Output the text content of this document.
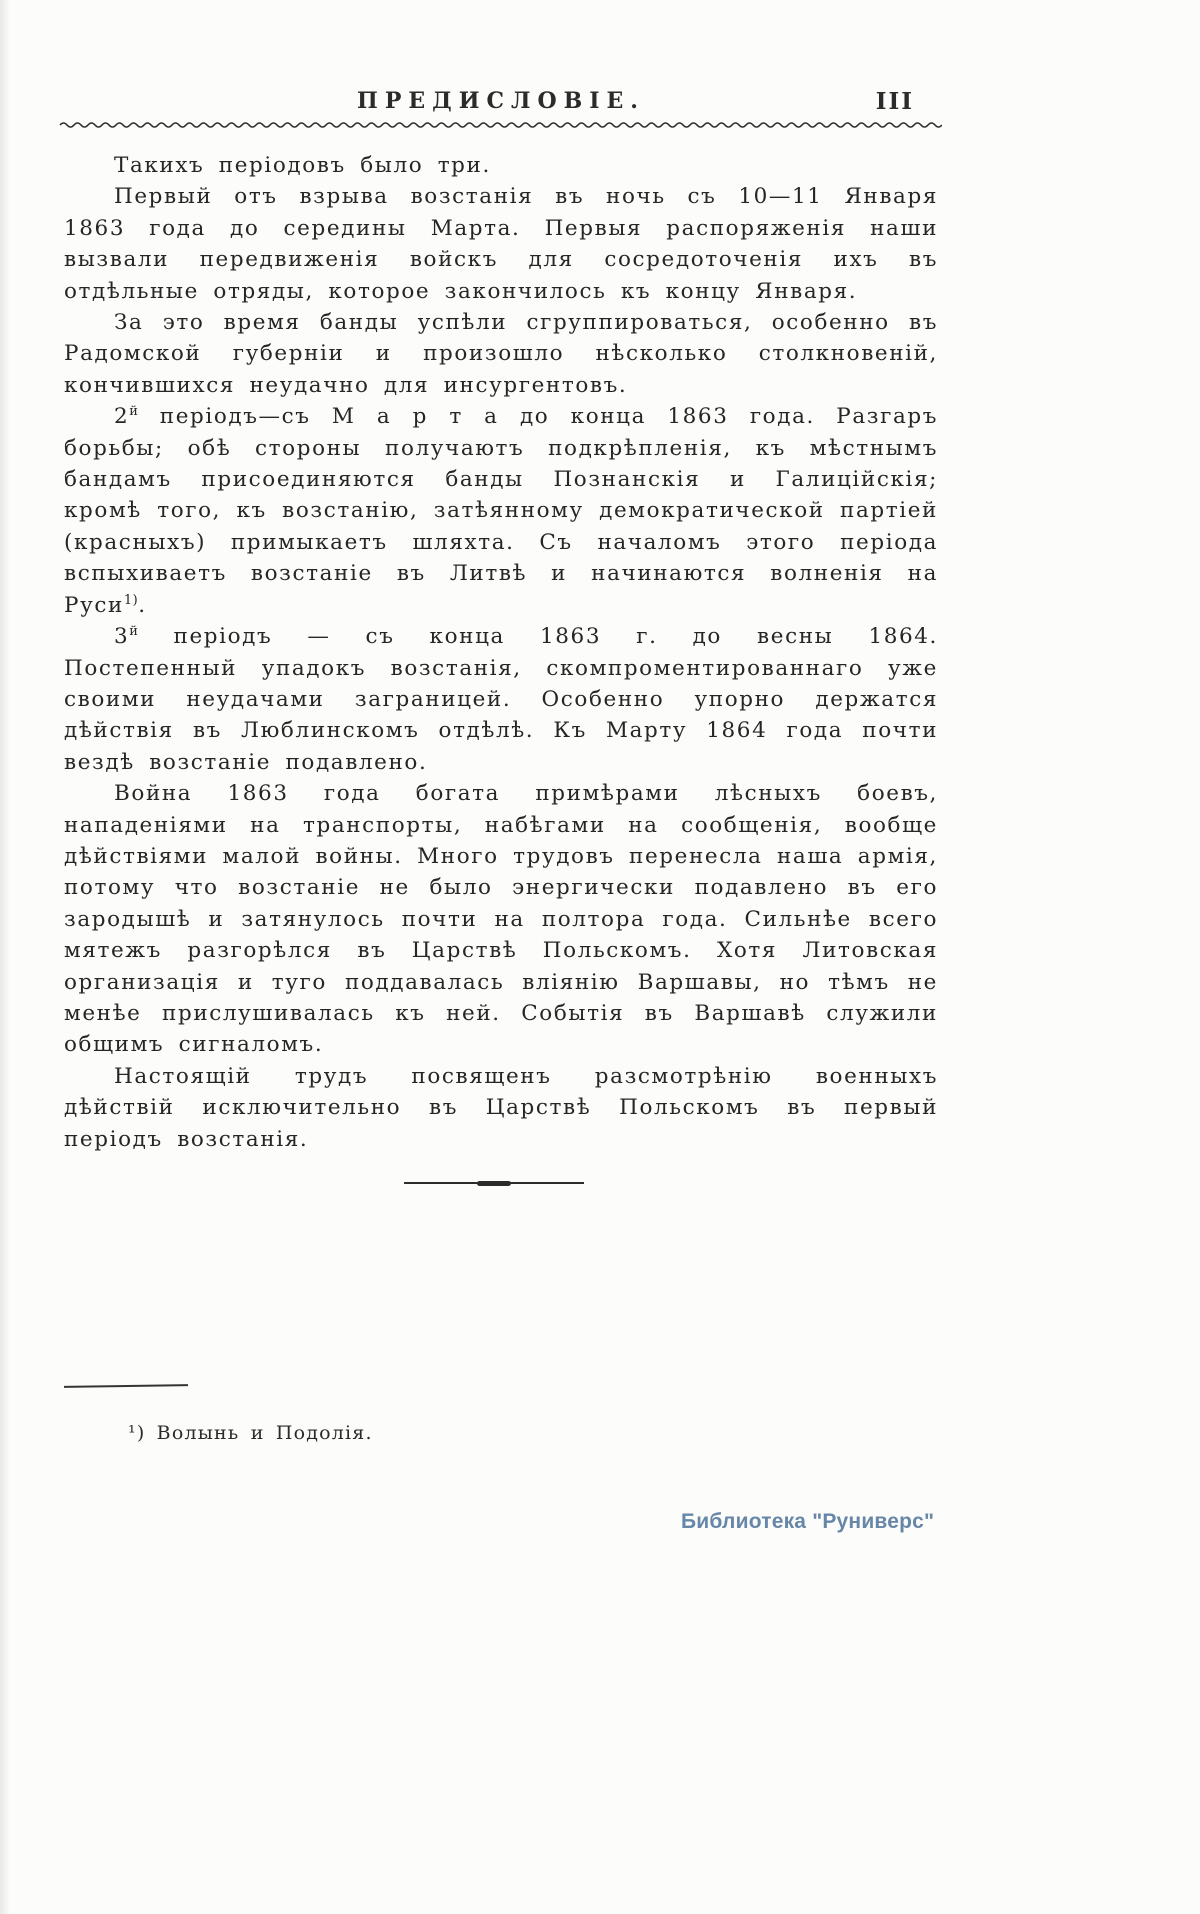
ПРЕДИСЛОВІЕ.	III

Такихъ періодовъ было три.

Первый отъ взрыва возстанія въ ночь съ 10—11 Января 1863 года до середины Марта. Первыя распоряженія наши вызвали передвиженія войскъ для сосредоточенія ихъ въ отдѣльные отряды, которое закончилось къ концу Января.

За это время банды успѣли сгруппироваться, особенно въ Радомской губерніи и произошло нѣсколько столкновеній, кончившихся неудачно для инсургентовъ.

$2^й$ періодъ—съ М а р т а до конца 1863 года. Разгаръ борьбы; обѣ стороны получаютъ подкрѣпленія, къ мѣстнымъ бандамъ присоединяются банды Познанскія и Галиційскія; кромѣ того, къ возстанію, затѣянному демократической партіей (красныхъ) примыкаетъ шляхта. Съ началомъ этого періода вспыхиваетъ возстаніе въ Литвѣ и начинаются волненія на Руси$^{1)}$.

$3^й$ періодъ — съ конца 1863 г. до весны 1864. Постепенный упадокъ возстанія, скомпроментированнаго уже своими неудачами заграницей. Особенно упорно держатся дѣйствія въ Люблинскомъ отдѣлѣ. Къ Марту 1864 года почти вездѣ возстаніе подавлено.

Война 1863 года богата примѣрами лѣсныхъ боевъ, нападеніями на транспорты, набѣгами на сообщенія, вообще дѣйствіями малой войны. Много трудовъ перенесла наша армія, потому что возстаніе не было энергически подавлено въ его зародышѣ и затянулось почти на полтора года. Сильнѣе всего мятежъ разгорѣлся въ Царствѣ Польскомъ. Хотя Литовская организація и туго поддавалась вліянію Варшавы, но тѣмъ не менѣе прислушивалась къ ней. Событія въ Варшавѣ служили общимъ сигналомъ.

Настоящій трудъ посвященъ разсмотрѣнію военныхъ дѣйствій исключительно въ Царствѣ Польскомъ въ первый періодъ возстанія.

¹) Волынь и Подолія.

Библиотека "Руниверс"
